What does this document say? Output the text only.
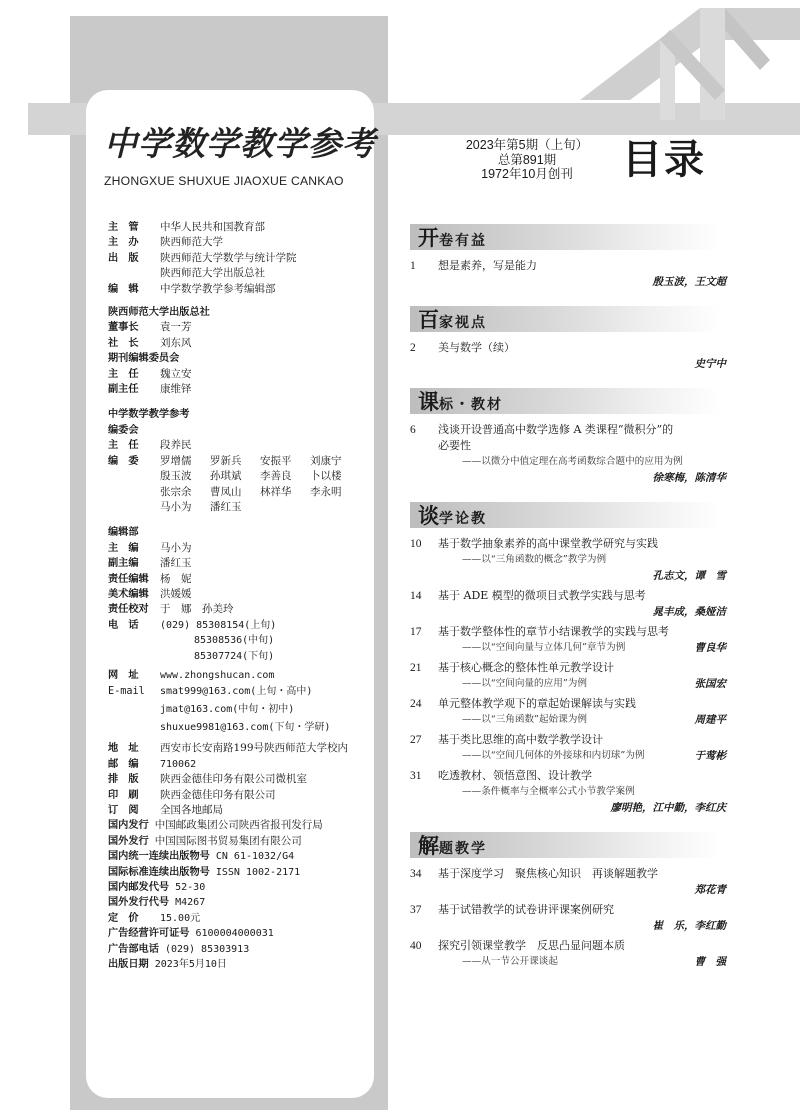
中学数学教学参考
ZHONGXUE SHUXUE JIAOXUE CANKAO
2023年第5期（上旬）
总第891期
1972年10月创刊	目录
主　管	中华人民共和国教育部
主　办	陕西师范大学
出　版	陕西师范大学数学与统计学院
陕西师范大学出版总社
编　辑	中学数学教学参考编辑部
陕西师范大学出版总社
董事长	袁一芳
社　长	刘东风
期刊编辑委员会
主　任	魏立安
副主任	康维铎
中学数学教学参考
编委会
主　任	段养民
编　委	罗增儒	罗新兵	安振平	刘康宁
殷玉波	孙琪斌	李善良	卜以楼
张宗余	曹凤山	林祥华	李永明
马小为	潘红玉
编辑部
主　编	马小为
副主编	潘红玉
责任编辑	杨　妮
美术编辑	洪媛媛
责任校对	于　娜　孙美玲
电　话	(029) 85308154(上旬)
85308536(中旬)
85307724(下旬)
网　址	www.zhongshucan.com
E-mail	smat999@163.com(上旬・高中)
jmat@163.com(中旬・初中)
shuxue9981@163.com(下旬・学研)
地　址	西安市长安南路199号陕西师范大学校内
邮　编	710062
排　版	陕西金德佳印务有限公司微机室
印　刷	陕西金德佳印务有限公司
订　阅	全国各地邮局
国内发行 中国邮政集团公司陕西省报刊发行局
国外发行 中国国际图书贸易集团有限公司
国内统一连续出版物号 CN 61-1032/G4
国际标准连续出版物号 ISSN 1002-2171
国内邮发代号 52-30
国外发行代号 M4267
定　价	15.00元
广告经营许可证号 6100004000031
广告部电话 (029) 85303913
出版日期 2023年5月10日
开卷有益
1	想是素养，写是能力
殷玉波，王文超
百家视点
2	美与数学（续）
史宁中
课标・教材
6	浅谈开设普通高中数学选修 A 类课程“微积分”的
必要性
——以微分中值定理在高考函数综合题中的应用为例
徐寒梅，陈清华
谈学论教
10	基于数学抽象素养的高中课堂教学研究与实践
——以“三角函数的概念”教学为例
孔志文，谭　雪
14	基于 ADE 模型的微项目式教学实践与思考
晁丰成，桑娅洁
17	基于数学整体性的章节小结课教学的实践与思考
——以“空间向量与立体几何”章节为例	曹良华
21	基于核心概念的整体性单元教学设计
——以“空间向量的应用”为例	张国宏
24	单元整体教学观下的章起始课解读与实践
——以“三角函数”起始课为例	周建平
27	基于类比思维的高中数学教学设计
——以“空间几何体的外接球和内切球”为例	于莺彬
31	吃透教材、领悟意图、设计教学
——条件概率与全概率公式小节教学案例
廖明艳，江中勤，李红庆
解题教学
34	基于深度学习　聚焦核心知识　再谈解题教学
郑花青
37	基于试错教学的试卷讲评课案例研究
崔　乐，李红勤
40	探究引领课堂教学　反思凸显问题本质
——从一节公开课谈起	曹　强
